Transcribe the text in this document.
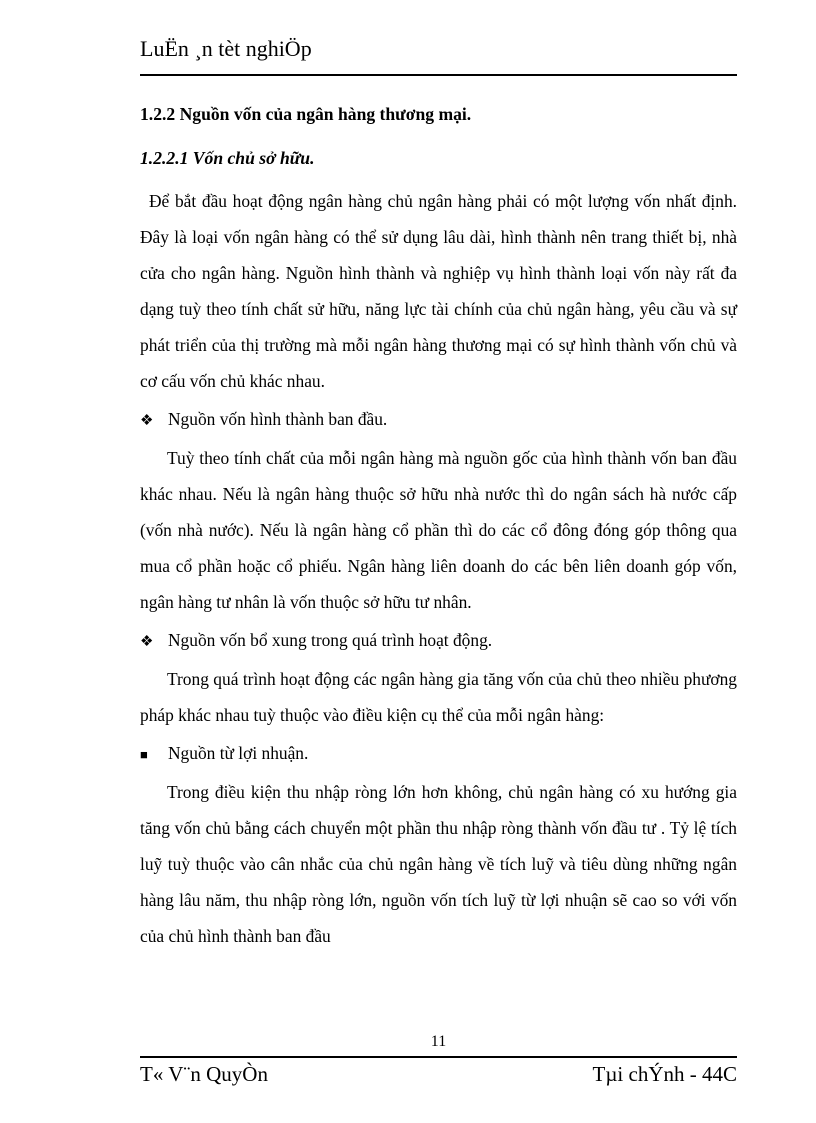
LuËn ¸n tèt nghiÖp

1.2.2 Nguồn vốn của ngân hàng thương mại.

1.2.2.1 Vốn chủ sở hữu.

Để bắt đầu hoạt động ngân hàng chủ ngân hàng phải có một lượng vốn nhất định. Đây là loại vốn ngân hàng có thể sử dụng lâu dài, hình thành nên trang thiết bị, nhà cửa cho ngân hàng. Nguồn hình thành và nghiệp vụ hình thành loại vốn này rất đa dạng tuỳ theo tính chất sử hữu, năng lực tài chính của chủ ngân hàng, yêu cầu và sự phát triển của thị trường mà mỗi ngân hàng thương mại có sự hình thành vốn chủ và cơ cấu vốn chủ khác nhau.

❖ Nguồn vốn hình thành ban đầu.

Tuỳ theo tính chất của mỗi ngân hàng mà nguồn gốc của hình thành vốn ban đầu khác nhau. Nếu là ngân hàng thuộc sở hữu nhà nước thì do ngân sách hà nước cấp (vốn nhà nước). Nếu là ngân hàng cổ phần thì do các cổ đông đóng góp thông qua mua cổ phần hoặc cổ phiếu. Ngân hàng liên doanh do các bên liên doanh góp vốn, ngân hàng tư nhân là vốn thuộc sở hữu tư nhân.

❖ Nguồn vốn bổ xung trong quá trình hoạt động.

Trong quá trình hoạt động các ngân hàng gia tăng vốn của chủ theo nhiều phương pháp khác nhau tuỳ thuộc vào điều kiện cụ thể của mỗi ngân hàng:

■	Nguồn từ lợi nhuận.

Trong điều kiện thu nhập ròng lớn hơn không, chủ ngân hàng có xu hướng gia tăng vốn chủ bằng cách chuyển một phần thu nhập ròng thành vốn đầu tư . Tỷ lệ tích luỹ tuỳ thuộc vào cân nhắc của chủ ngân hàng về tích luỹ và tiêu dùng những ngân hàng lâu năm, thu nhập ròng lớn, nguồn vốn tích luỹ từ lợi nhuận sẽ cao so với vốn của chủ hình thành ban đầu

11
T« V¨n QuyÒn	Tµi chÝnh - 44C
